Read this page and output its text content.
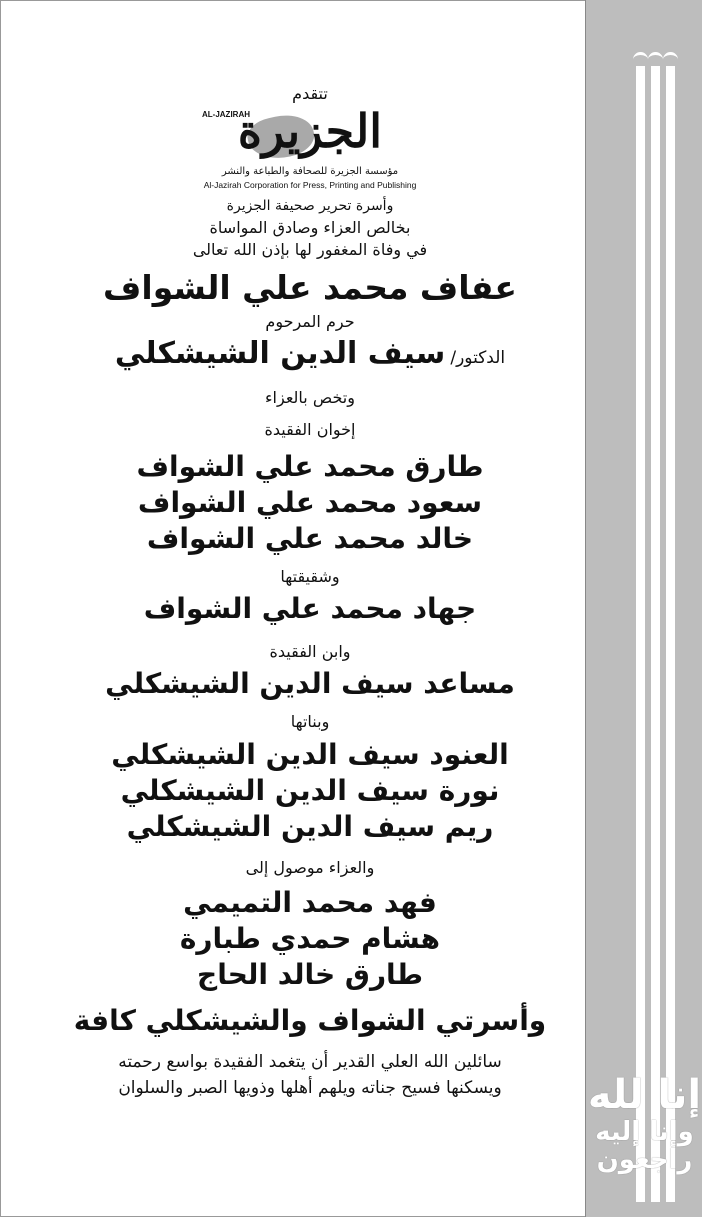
إنا لله
وإنا إليه
راجعون
تتقدم
AL-JAZIRAH
الجزيرة
مؤسسة الجزيرة للصحافة والطباعة والنشر
Al-Jazirah Corporation for Press, Printing and Publishing
وأسرة تحرير صحيفة الجزيرة
بخالص العزاء وصادق المواساة
في وفاة المغفور لها بإذن الله تعالى
عفاف محمد علي الشواف
حرم المرحوم
الدكتور/ سيف الدين الشيشكلي
وتخص بالعزاء
إخوان الفقيدة
طارق محمد علي الشواف
سعود محمد علي الشواف
خالد محمد علي الشواف
وشقيقتها
جهاد محمد علي الشواف
وابن الفقيدة
مساعد سيف الدين الشيشكلي
وبناتها
العنود سيف الدين الشيشكلي
نورة سيف الدين الشيشكلي
ريم سيف الدين الشيشكلي
والعزاء موصول إلى
فهد محمد التميمي
هشام حمدي طبارة
طارق خالد الحاج
وأسرتي الشواف والشيشكلي كافة
سائلين الله العلي القدير أن يتغمد الفقيدة بواسع رحمته
ويسكنها فسيح جناته ويلهم أهلها وذويها الصبر والسلوان
